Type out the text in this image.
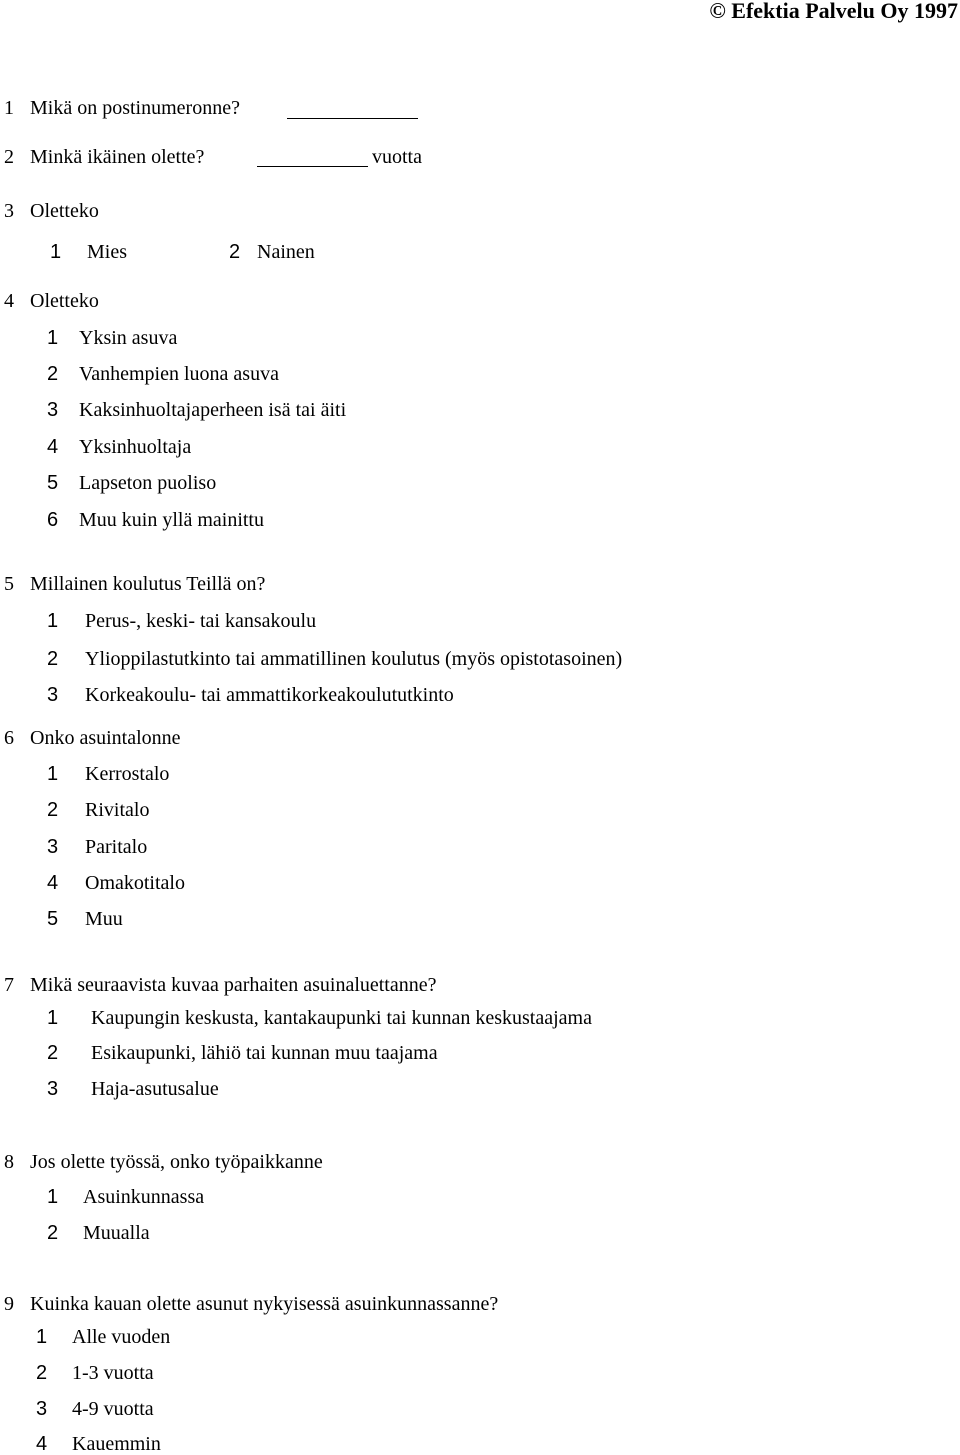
© Efektia Palvelu Oy 1997
1 Mikä on postinumeronne?
2 Minkä ikäinen olette?	vuotta
3 Oletteko
1 Mies	2 Nainen
4 Oletteko
1 Yksin asuva
2 Vanhempien luona asuva
3 Kaksinhuoltajaperheen isä tai äiti
4 Yksinhuoltaja
5 Lapseton puoliso
6 Muu kuin yllä mainittu
5 Millainen koulutus Teillä on?
1 Perus-, keski- tai kansakoulu
2 Ylioppilastutkinto tai ammatillinen koulutus (myös opistotasoinen)
3 Korkeakoulu- tai ammattikorkeakoulututkinto
6 Onko asuintalonne
1 Kerrostalo
2 Rivitalo
3 Paritalo
4 Omakotitalo
5 Muu
7 Mikä seuraavista kuvaa parhaiten asuinaluettanne?
1 Kaupungin keskusta, kantakaupunki tai kunnan keskustaajama
2 Esikaupunki, lähiö tai kunnan muu taajama
3 Haja-asutusalue
8 Jos olette työssä, onko työpaikkanne
1 Asuinkunnassa
2 Muualla
9 Kuinka kauan olette asunut nykyisessä asuinkunnassanne?
1 Alle vuoden
2 1-3 vuotta
3 4-9 vuotta
4 Kauemmin
